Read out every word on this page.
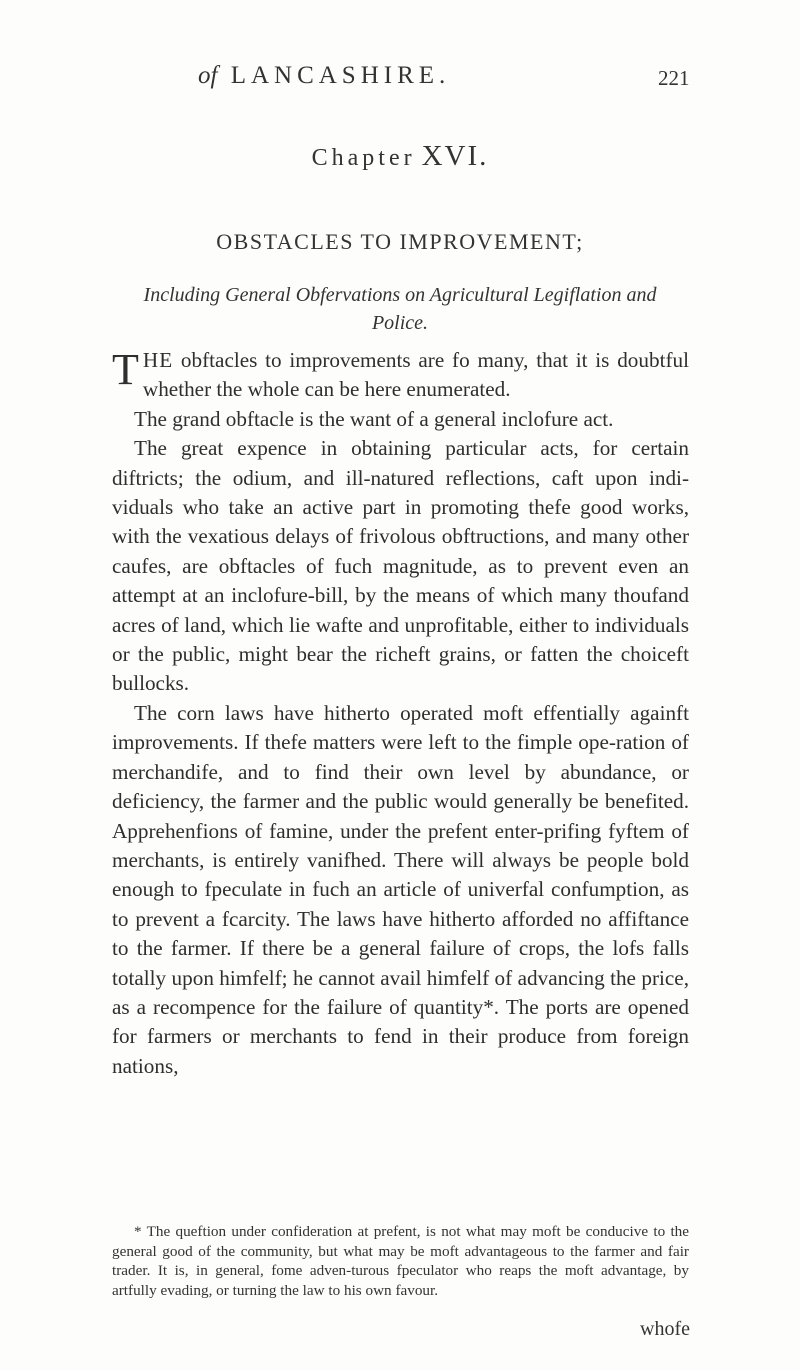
of LANCASHIRE.	221
Chapter XVI.
OBSTACLES TO IMPROVEMENT;
Including General Obfervations on Agricultural Legiflation and Police.

THE obftacles to improvements are fo many, that it is doubtful whether the whole can be here enumerated.

The grand obftacle is the want of a general inclofure act.

The great expence in obtaining particular acts, for certain diftricts; the odium, and ill-natured reflections, caft upon indi-viduals who take an active part in promoting thefe good works, with the vexatious delays of frivolous obftructions, and many other caufes, are obftacles of fuch magnitude, as to prevent even an attempt at an inclofure-bill, by the means of which many thoufand acres of land, which lie wafte and unprofitable, either to individuals or the public, might bear the richeft grains, or fatten the choiceft bullocks.

The corn laws have hitherto operated moft effentially againft improvements. If thefe matters were left to the fimple ope-ration of merchandife, and to find their own level by abundance, or deficiency, the farmer and the public would generally be benefited. Apprehenfions of famine, under the prefent enter-prifing fyftem of merchants, is entirely vanifhed. There will always be people bold enough to fpeculate in fuch an article of univerfal confumption, as to prevent a fcarcity. The laws have hitherto afforded no affiftance to the farmer. If there be a general failure of crops, the lofs falls totally upon himfelf; he cannot avail himfelf of advancing the price, as a recompence for the failure of quantity*. The ports are opened for farmers or merchants to fend in their produce from foreign nations,

* The queftion under confideration at prefent, is not what may moft be conducive to the general good of the community, but what may be moft advantageous to the farmer and fair trader. It is, in general, fome adven-turous fpeculator who reaps the moft advantage, by artfully evading, or turning the law to his own favour.
whofe
